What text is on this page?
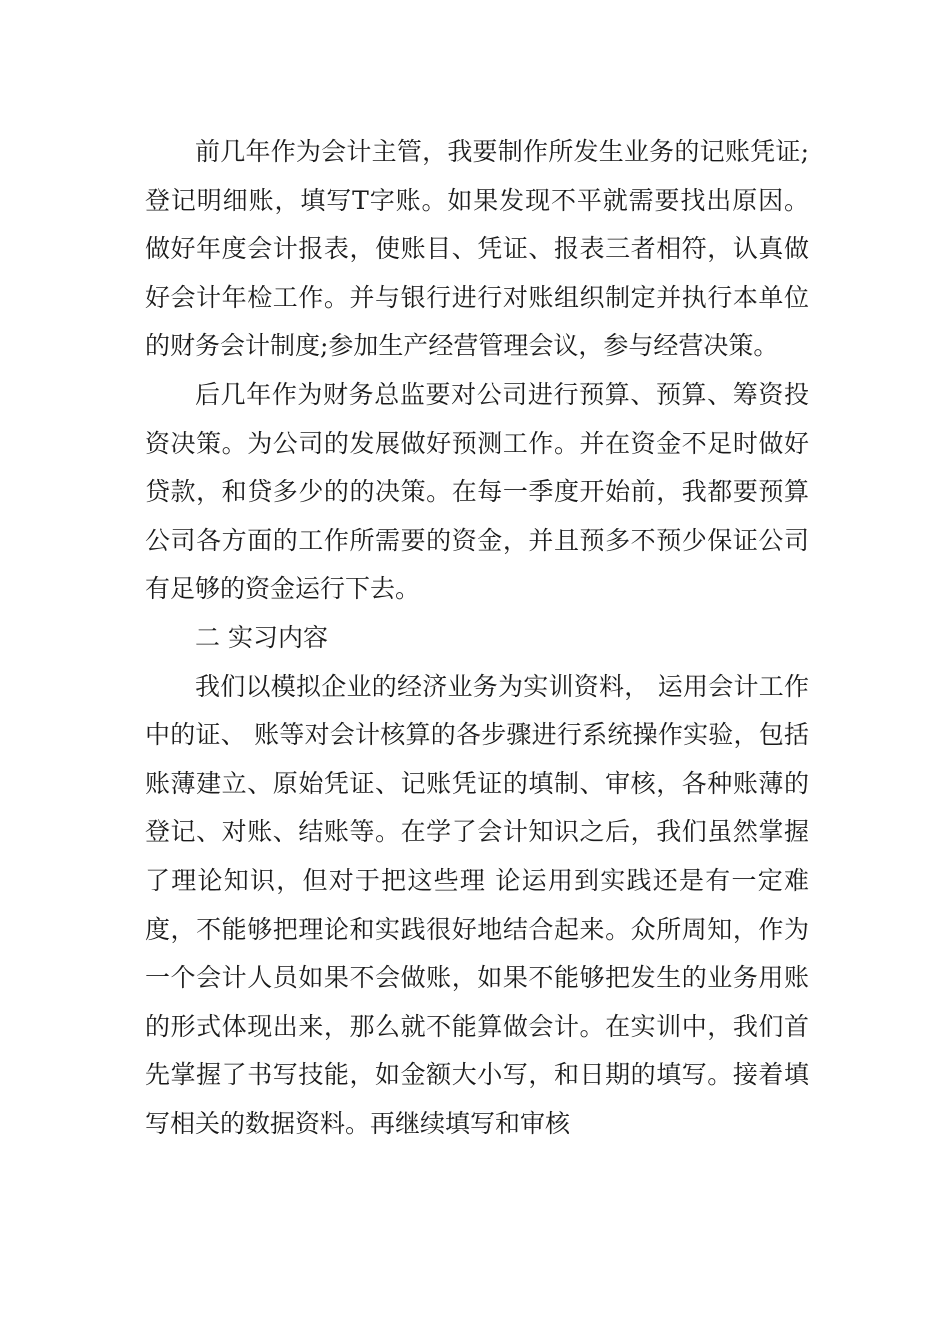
前几年作为会计主管，我要制作所发生业务的记账凭证;登记明细账，填写T字账。如果发现不平就需要找出原因。做好年度会计报表，使账目、凭证、报表三者相符，认真做好会计年检工作。并与银行进行对账组织制定并执行本单位的财务会计制度;参加生产经营管理会议，参与经营决策。

后几年作为财务总监要对公司进行预算、预算、筹资投资决策。为公司的发展做好预测工作。并在资金不足时做好贷款，和贷多少的的决策。在每一季度开始前，我都要预算公司各方面的工作所需要的资金，并且预多不预少保证公司有足够的资金运行下去。

二 实习内容

我们以模拟企业的经济业务为实训资料， 运用会计工作中的证、 账等对会计核算的各步骤进行系统操作实验，包括账薄建立、原始凭证、记账凭证的填制、审核，各种账薄的登记、对账、结账等。在学了会计知识之后，我们虽然掌握了理论知识，但对于把这些理 论运用到实践还是有一定难度，不能够把理论和实践很好地结合起来。众所周知，作为一个会计人员如果不会做账，如果不能够把发生的业务用账的形式体现出来，那么就不能算做会计。在实训中，我们首先掌握了书写技能，如金额大小写，和日期的填写。接着填写相关的数据资料。再继续填写和审核
